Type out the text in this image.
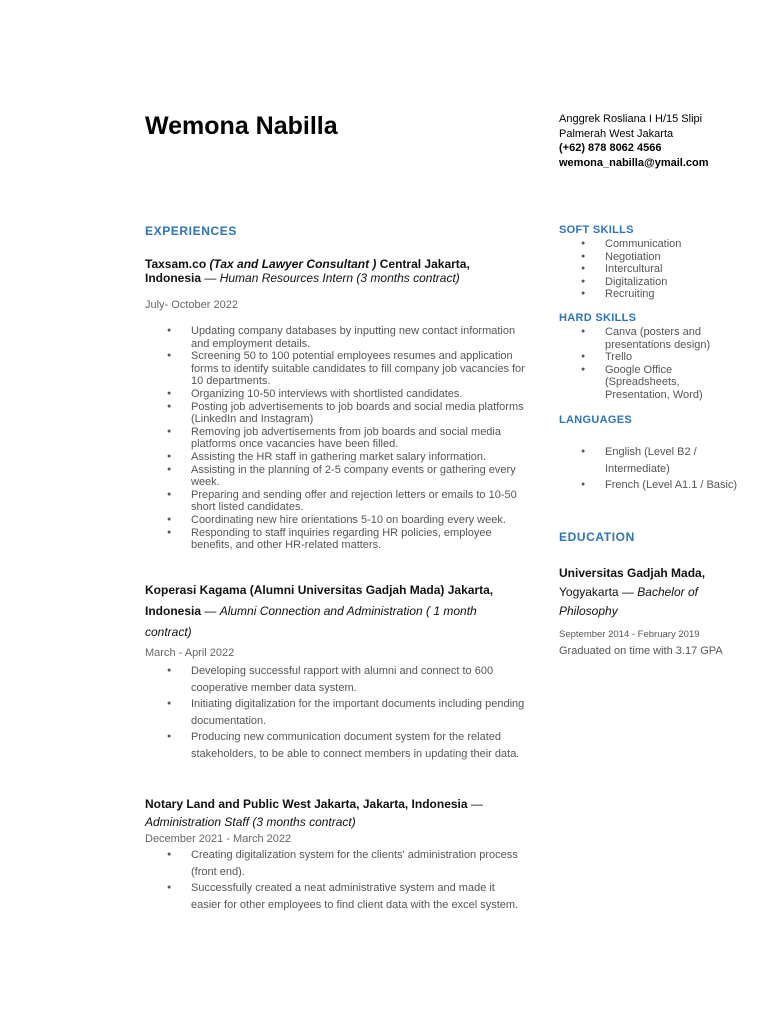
Wemona Nabilla	Anggrek Rosliana I H/15 Slipi
Palmerah West Jakarta
(+62) 878 8062 4566
wemona_nabilla@ymail.com
EXPERIENCES
Taxsam.co (Tax and Lawyer Consultant ) Central Jakarta, Indonesia — Human Resources Intern (3 months contract)
July- October 2022
● Updating company databases by inputting new contact information and employment details.
● Screening 50 to 100 potential employees resumes and application forms to identify suitable candidates to fill company job vacancies for 10 departments.
● Organizing 10-50 interviews with shortlisted candidates.
● Posting job advertisements to job boards and social media platforms (LinkedIn and Instagram)
● Removing job advertisements from job boards and social media platforms once vacancies have been filled.
● Assisting the HR staff in gathering market salary information.
● Assisting in the planning of 2-5 company events or gathering every week.
● Preparing and sending offer and rejection letters or emails to 10-50 short listed candidates.
● Coordinating new hire orientations 5-10 on boarding every week.
● Responding to staff inquiries regarding HR policies, employee benefits, and other HR-related matters.
Koperasi Kagama (Alumni Universitas Gadjah Mada) Jakarta, Indonesia — Alumni Connection and Administration ( 1 month contract)
March - April 2022
● Developing successful rapport with alumni and connect to 600 cooperative member data system.
● Initiating digitalization for the important documents including pending documentation.
● Producing new communication document system for the related stakeholders, to be able to connect members in updating their data.
Notary Land and Public West Jakarta, Jakarta, Indonesia — Administration Staff (3 months contract)
December 2021 - March 2022
● Creating digitalization system for the clients' administration process (front end).
● Successfully created a neat administrative system and made it easier for other employees to find client data with the excel system.
SOFT SKILLS
● Communication
● Negotiation
● Intercultural
● Digitalization
● Recruiting
HARD SKILLS
● Canva (posters and presentations design)
● Trello
● Google Office (Spreadsheets, Presentation, Word)
LANGUAGES
● English (Level B2 / Intermediate)
● French (Level A1.1 / Basic)
EDUCATION
Universitas Gadjah Mada, Yogyakarta — Bachelor of Philosophy
September 2014 - February 2019
Graduated on time with 3.17 GPA
